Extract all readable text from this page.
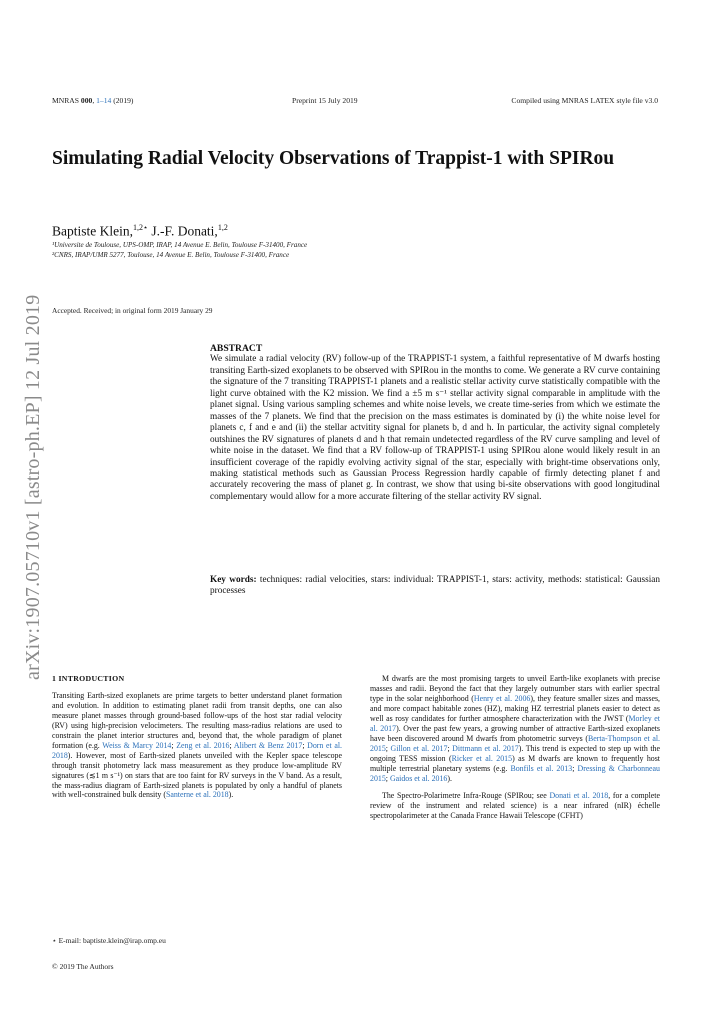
MNRAS 000, 1–14 (2019)	Preprint 15 July 2019	Compiled using MNRAS LATEX style file v3.0
Simulating Radial Velocity Observations of Trappist-1 with SPIRou
Baptiste Klein,$^{1,2⋆}$ J.-F. Donati,$^{1,2}$
¹Universite de Toulouse, UPS-OMP, IRAP, 14 Avenue E. Belin, Toulouse F-31400, France
²CNRS, IRAP/UMR 5277, Toulouse, 14 Avenue E. Belin, Toulouse F-31400, France
Accepted. Received; in original form 2019 January 29
arXiv:1907.05710v1 [astro-ph.EP] 12 Jul 2019	ABSTRACT
We simulate a radial velocity (RV) follow-up of the TRAPPIST-1 system, a faithful representative of M dwarfs hosting transiting Earth-sized exoplanets to be observed with SPIRou in the months to come. We generate a RV curve containing the signature of the 7 transiting TRAPPIST-1 planets and a realistic stellar activity curve statistically compatible with the light curve obtained with the K2 mission. We find a ±5 m s⁻¹ stellar activity signal comparable in amplitude with the planet signal. Using various sampling schemes and white noise levels, we create time-series from which we estimate the masses of the 7 planets. We find that the precision on the mass estimates is dominated by (i) the white noise level for planets c, f and e and (ii) the stellar actvitity signal for planets b, d and h. In particular, the activity signal completely outshines the RV signatures of planets d and h that remain undetected regardless of the RV curve sampling and level of white noise in the dataset. We find that a RV follow-up of TRAPPIST-1 using SPIRou alone would likely result in an insufficient coverage of the rapidly evolving activity signal of the star, especially with bright-time observations only, making statistical methods such as Gaussian Process Regression hardly capable of firmly detecting planet f and accurately recovering the mass of planet g. In contrast, we show that using bi-site observations with good longitudinal complementary would allow for a more accurate filtering of the stellar activity RV signal.
Key words: techniques: radial velocities, stars: individual: TRAPPIST-1, stars: activity, methods: statistical: Gaussian processes
1 INTRODUCTION

Transiting Earth-sized exoplanets are prime targets to better understand planet formation and evolution. In addition to estimating planet radii from transit depths, one can also measure planet masses through ground-based follow-ups of the host star radial velocity (RV) using high-precision velocimeters. The resulting mass-radius relations are used to constrain the planet interior structures and, beyond that, the whole paradigm of planet formation (e.g. Weiss & Marcy 2014; Zeng et al. 2016; Alibert & Benz 2017; Dorn et al. 2018). However, most of Earth-sized planets unveiled with the Kepler space telescope through transit photometry lack mass measurement as they produce low-amplitude RV signatures (≲1 m s⁻¹) on stars that are too faint for RV surveys in the V band. As a result, the mass-radius diagram of Earth-sized planets is populated by only a handful of planets with well-constrained bulk density (Santerne et al. 2018).

M dwarfs are the most promising targets to unveil Earth-like exoplanets with precise masses and radii. Beyond the fact that they largely outnumber stars with earlier spectral type in the solar neighborhood (Henry et al. 2006), they feature smaller sizes and masses, and more compact habitable zones (HZ), making HZ terrestrial planets easier to detect as well as rosy candidates for further atmosphere characterization with the JWST (Morley et al. 2017). Over the past few years, a growing number of attractive Earth-sized exoplanets have been discovered around M dwarfs from photometric surveys (Berta-Thompson et al. 2015; Gillon et al. 2017; Dittmann et al. 2017). This trend is expected to step up with the ongoing TESS mission (Ricker et al. 2015) as M dwarfs are known to frequently host multiple terrestrial planetary systems (e.g. Bonfils et al. 2013; Dressing & Charbonneau 2015; Gaidos et al. 2016).

The Spectro-Polarimetre Infra-Rouge (SPIRou; see Donati et al. 2018, for a complete review of the instrument and related science) is a near infrared (nIR) échelle spectropolarimeter at the Canada France Hawaii Telescope (CFHT)

⋆ E-mail: baptiste.klein@irap.omp.eu
© 2019 The Authors
